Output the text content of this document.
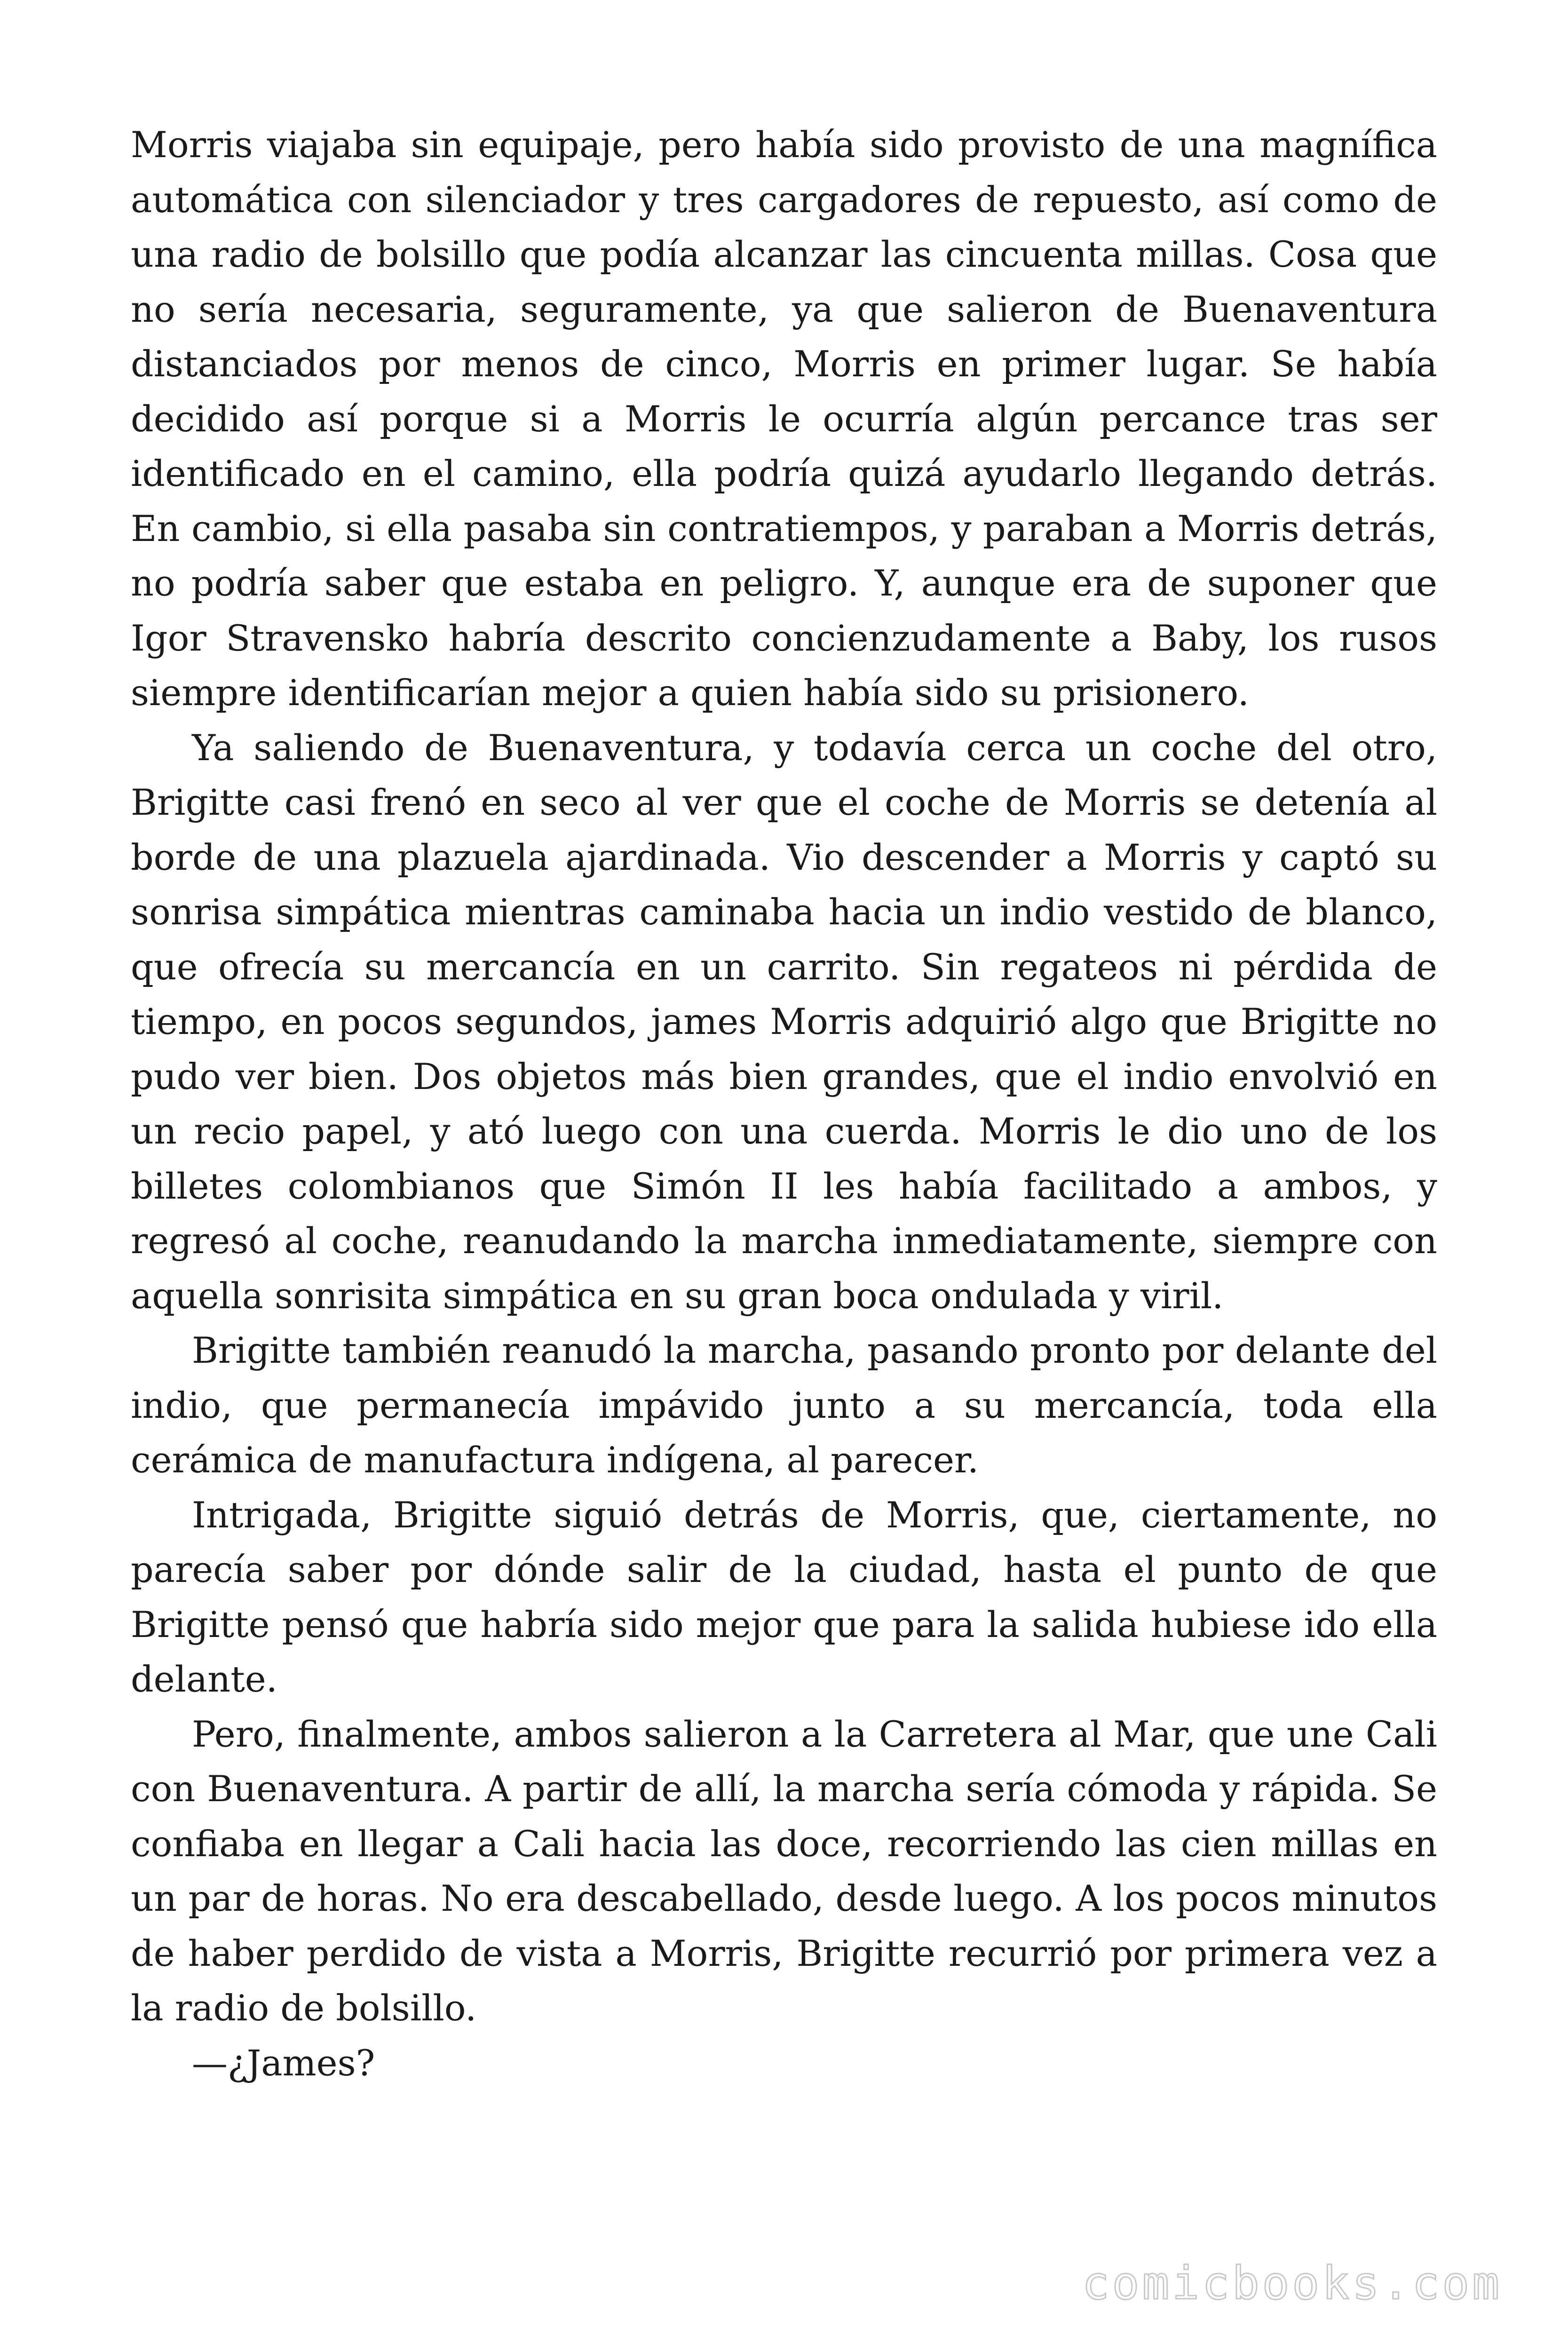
Morris viajaba sin equipaje, pero había sido provisto de una magnífica automática con silenciador y tres cargadores de repuesto, así como de una radio de bolsillo que podía alcanzar las cincuenta millas. Cosa que no sería necesaria, seguramente, ya que salieron de Buenaventura distanciados por menos de cinco, Morris en primer lugar. Se había decidido así porque si a Morris le ocurría algún percance tras ser identificado en el camino, ella podría quizá ayudarlo llegando detrás. En cambio, si ella pasaba sin contratiempos, y paraban a Morris detrás, no podría saber que estaba en peligro. Y, aunque era de suponer que Igor Stravensko habría descrito concienzudamente a Baby, los rusos siempre identificarían mejor a quien había sido su prisionero.

Ya saliendo de Buenaventura, y todavía cerca un coche del otro, Brigitte casi frenó en seco al ver que el coche de Morris se detenía al borde de una plazuela ajardinada. Vio descender a Morris y captó su sonrisa simpática mientras caminaba hacia un indio vestido de blanco, que ofrecía su mercancía en un carrito. Sin regateos ni pérdida de tiempo, en pocos segundos, james Morris adquirió algo que Brigitte no pudo ver bien. Dos objetos más bien grandes, que el indio envolvió en un recio papel, y ató luego con una cuerda. Morris le dio uno de los billetes colombianos que Simón II les había facilitado a ambos, y regresó al coche, reanudando la marcha inmediatamente, siempre con aquella sonrisita simpática en su gran boca ondulada y viril.

Brigitte también reanudó la marcha, pasando pronto por delante del indio, que permanecía impávido junto a su mercancía, toda ella cerámica de manufactura indígena, al parecer.

Intrigada, Brigitte siguió detrás de Morris, que, ciertamente, no parecía saber por dónde salir de la ciudad, hasta el punto de que Brigitte pensó que habría sido mejor que para la salida hubiese ido ella delante.

Pero, finalmente, ambos salieron a la Carretera al Mar, que une Cali con Buenaventura. A partir de allí, la marcha sería cómoda y rápida. Se confiaba en llegar a Cali hacia las doce, recorriendo las cien millas en un par de horas. No era descabellado, desde luego. A los pocos minutos de haber perdido de vista a Morris, Brigitte recurrió por primera vez a la radio de bolsillo.

—¿James?

comicbooks.com
